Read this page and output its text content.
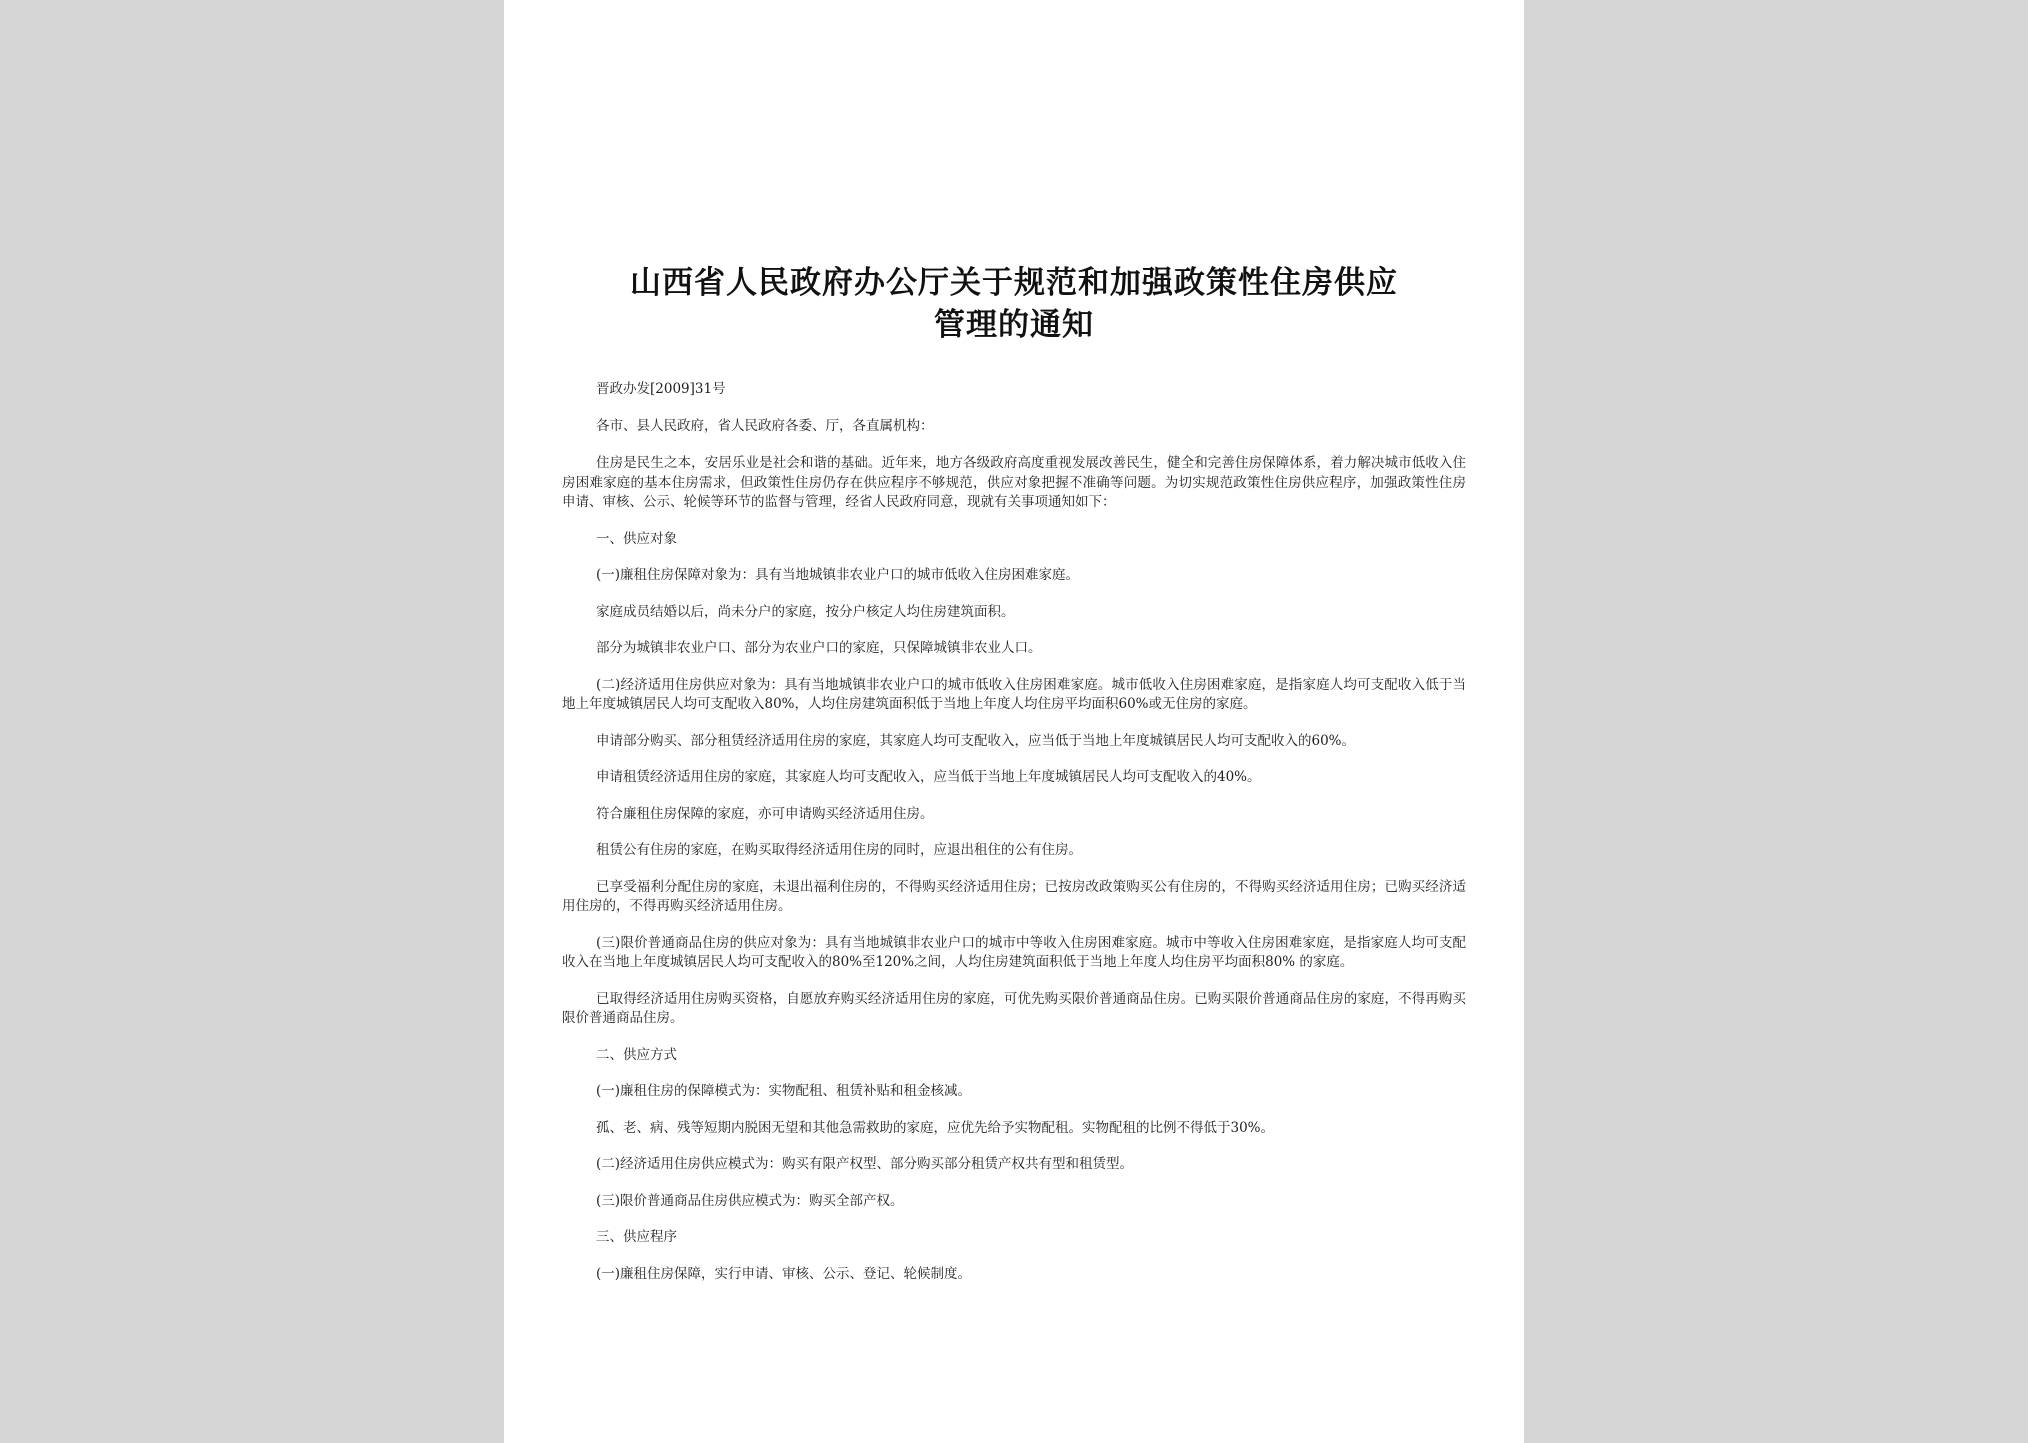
山西省人民政府办公厅关于规范和加强政策性住房供应
管理的通知

晋政办发[2009]31号

各市、县人民政府，省人民政府各委、厅，各直属机构：

住房是民生之本，安居乐业是社会和谐的基础。近年来，地方各级政府高度重视发展改善民生，健全和完善住房保障体系，着力解决城市低收入住房困难家庭的基本住房需求，但政策性住房仍存在供应程序不够规范，供应对象把握不准确等问题。为切实规范政策性住房供应程序，加强政策性住房申请、审核、公示、轮候等环节的监督与管理，经省人民政府同意，现就有关事项通知如下：

一、供应对象

(一)廉租住房保障对象为：具有当地城镇非农业户口的城市低收入住房困难家庭。

家庭成员结婚以后，尚未分户的家庭，按分户核定人均住房建筑面积。

部分为城镇非农业户口、部分为农业户口的家庭，只保障城镇非农业人口。

(二)经济适用住房供应对象为：具有当地城镇非农业户口的城市低收入住房困难家庭。城市低收入住房困难家庭，是指家庭人均可支配收入低于当地上年度城镇居民人均可支配收入80%，人均住房建筑面积低于当地上年度人均住房平均面积60%或无住房的家庭。

申请部分购买、部分租赁经济适用住房的家庭，其家庭人均可支配收入，应当低于当地上年度城镇居民人均可支配收入的60%。

申请租赁经济适用住房的家庭，其家庭人均可支配收入，应当低于当地上年度城镇居民人均可支配收入的40%。

符合廉租住房保障的家庭，亦可申请购买经济适用住房。

租赁公有住房的家庭，在购买取得经济适用住房的同时，应退出租住的公有住房。

已享受福利分配住房的家庭，未退出福利住房的，不得购买经济适用住房；已按房改政策购买公有住房的，不得购买经济适用住房；已购买经济适用住房的，不得再购买经济适用住房。

(三)限价普通商品住房的供应对象为：具有当地城镇非农业户口的城市中等收入住房困难家庭。城市中等收入住房困难家庭，是指家庭人均可支配收入在当地上年度城镇居民人均可支配收入的80%至120%之间，人均住房建筑面积低于当地上年度人均住房平均面积80% 的家庭。

已取得经济适用住房购买资格，自愿放弃购买经济适用住房的家庭，可优先购买限价普通商品住房。已购买限价普通商品住房的家庭，不得再购买限价普通商品住房。

二、供应方式

(一)廉租住房的保障模式为：实物配租、租赁补贴和租金核减。

孤、老、病、残等短期内脱困无望和其他急需救助的家庭，应优先给予实物配租。实物配租的比例不得低于30%。

(二)经济适用住房供应模式为：购买有限产权型、部分购买部分租赁产权共有型和租赁型。

(三)限价普通商品住房供应模式为：购买全部产权。

三、供应程序

(一)廉租住房保障，实行申请、审核、公示、登记、轮候制度。
